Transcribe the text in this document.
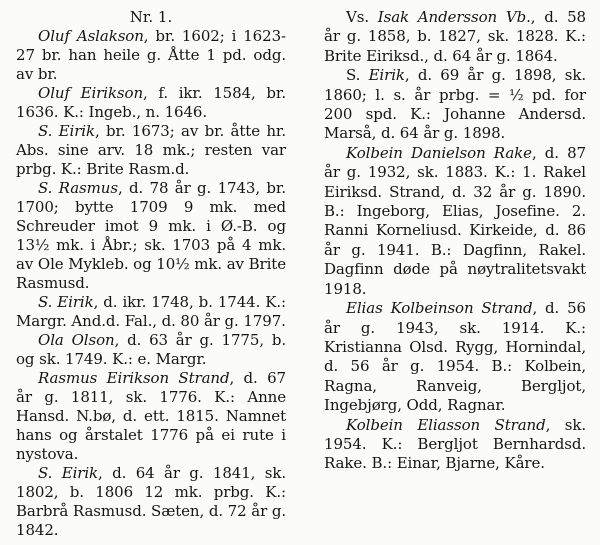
Nr. 1.

Oluf Aslakson, br. 1602; i 1623-27 br. han heile g. Åtte 1 pd. odg. av br.

Oluf Eirikson, f. ikr. 1584, br. 1636. K.: Ingeb., n. 1646.

S. Eirik, br. 1673; av br. åtte hr. Abs. sine arv. 18 mk.; resten var prbg. K.: Brite Rasm.d.

S. Rasmus, d. 78 år g. 1743, br. 1700; bytte 1709 9 mk. med Schreuder imot 9 mk. i Ø.-B. og 13½ mk. i Åbr.; sk. 1703 på 4 mk. av Ole Mykleb. og 10½ mk. av Brite Rasmusd.

S. Eirik, d. ikr. 1748, b. 1744. K.: Margr. And.d. Fal., d. 80 år g. 1797.

Ola Olson, d. 63 år g. 1775, b. og sk. 1749. K.: e. Margr.

Rasmus Eirikson Strand, d. 67 år g. 1811, sk. 1776. K.: Anne Hansd. N.bø, d. ett. 1815. Namnet hans og årstalet 1776 på ei rute i nystova.

S. Eirik, d. 64 år g. 1841, sk. 1802, b. 1806 12 mk. prbg. K.: Barbrå Rasmusd. Sæten, d. 72 år g. 1842.

Vs. Isak Andersson Vb., d. 58 år g. 1858, b. 1827, sk. 1828. K.: Brite Eiriksd., d. 64 år g. 1864.

S. Eirik, d. 69 år g. 1898, sk. 1860; l. s. år prbg. = ½ pd. for 200 spd. K.: Johanne Andersd. Marså, d. 64 år g. 1898.

Kolbein Danielson Rake, d. 87 år g. 1932, sk. 1883. K.: 1. Rakel Eiriksd. Strand, d. 32 år g. 1890. B.: Ingeborg, Elias, Josefine. 2. Ranni Korneliusd. Kirkeide, d. 86 år g. 1941. B.: Dagfinn, Rakel. Dagfinn døde på nøytralitetsvakt 1918.

Elias Kolbeinson Strand, d. 56 år g. 1943, sk. 1914. K.: Kristianna Olsd. Rygg, Hornindal, d. 56 år g. 1954. B.: Kolbein, Ragna, Ranveig, Bergljot, Ingebjørg, Odd, Ragnar.

Kolbein Eliasson Strand, sk. 1954. K.: Bergljot Bernhardsd. Rake. B.: Einar, Bjarne, Kåre.
